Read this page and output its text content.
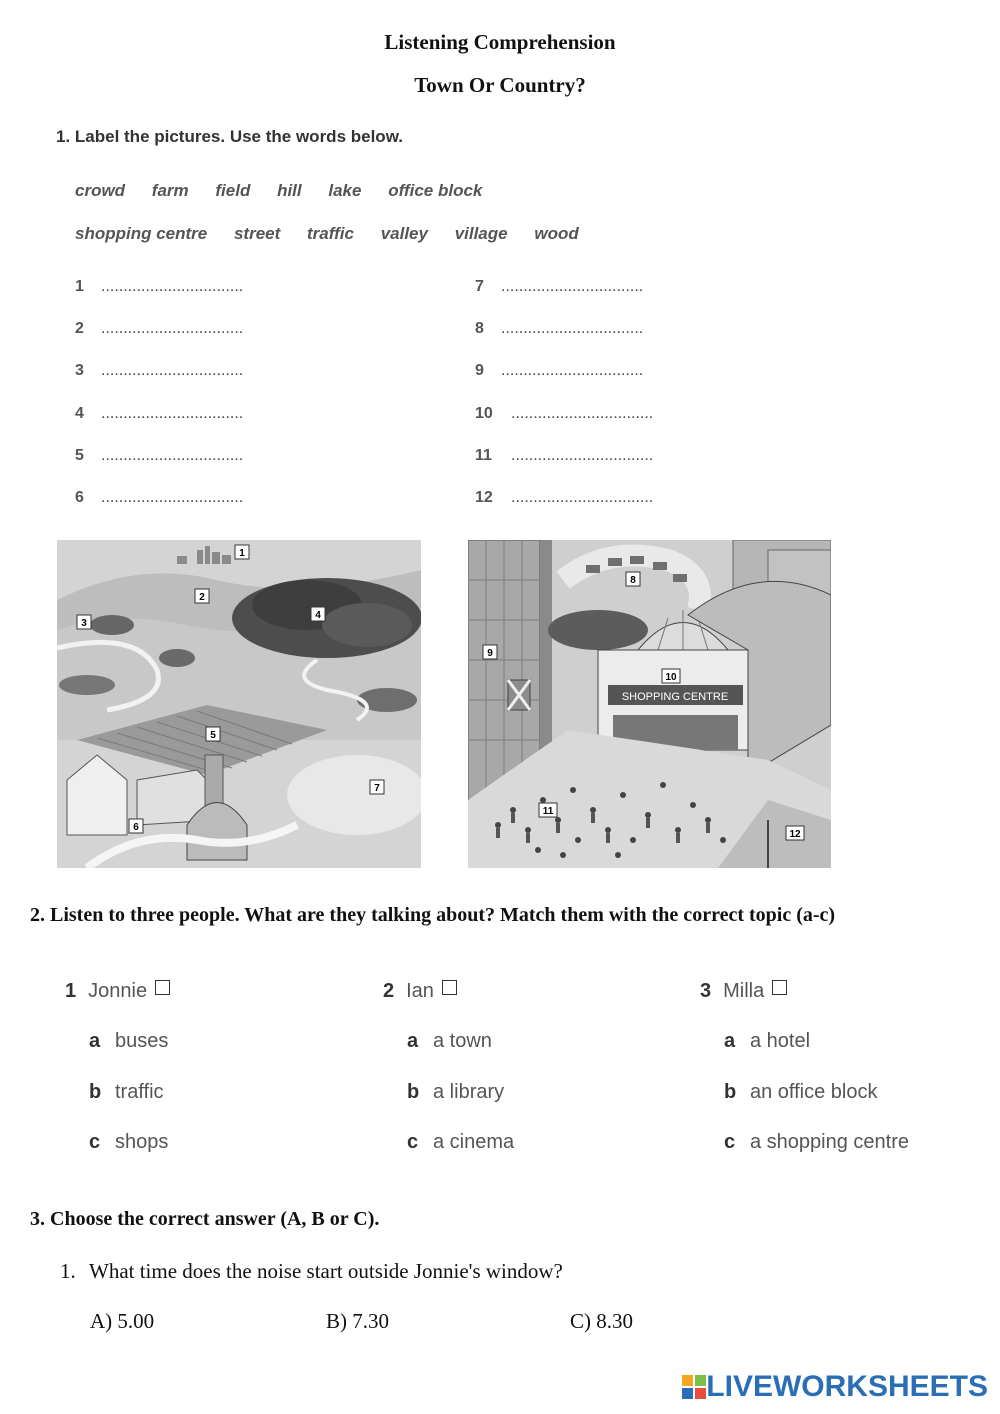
Listening Comprehension
Town Or Country?
1. Label the pictures. Use the words below.
crowd farm field hill lake office block
shopping centre street traffic valley village wood
1	................................
2	................................
3	................................
4	................................
5	................................
6	................................
7	................................
8	................................
9	................................
10	................................
11	................................
12	................................
1
2
3
4
5
6
7
SHOPPING CENTRE
8
9
10
11
12
2. Listen to three people. What are they talking about? Match them with the correct topic (a-c)
1 Jonnie
a buses
b traffic
c shops
2 Ian
a a town
b a library
c a cinema
3 Milla
a a hotel
b an office block
c a shopping centre
3. Choose the correct answer (A, B or C).
1. What time does the noise start outside Jonnie's window?
A) 5.00	B) 7.30	C) 8.30
LIVEWORKSHEETS
